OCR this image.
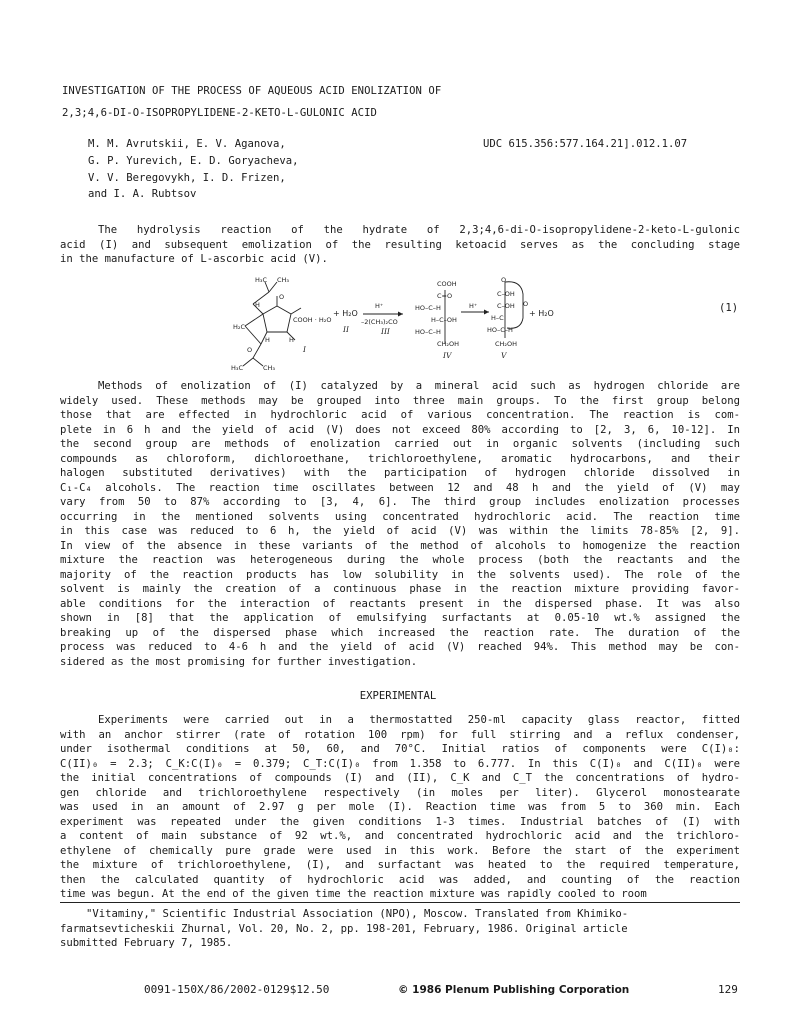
INVESTIGATION OF THE PROCESS OF AQUEOUS ACID ENOLIZATION OF
2,3;4,6-DI-O-ISOPROPYLIDENE-2-KETO-L-GULONIC ACID
M. M. Avrutskii, E. V. Aganova,
G. P. Yurevich, E. D. Goryacheva,
V. V. Beregovykh, I. D. Frizen,
and I. A. Rubtsov
UDC 615.356:577.164.21].012.1.07
The hydrolysis reaction of the hydrate of 2,3;4,6-di-O-isopropylidene-2-keto-L-gulonic
acid (I) and subsequent emolization of the resulting ketoacid serves as the concluding stage
in the manufacture of L-ascorbic acid (V).
H₃C CH₃
H
O
H₂C
COOH · H₂O
H	H
O
H₃C	CH₃
I
+ H₂O
II
H⁺
–2(CH₃)₂CO
III
COOH
C=O
HO–C–H
H–C–OH
HO–C–H
CH₂OH
IV
H⁺
O
C–OH
C–OH O
H–C
HO–C–H
CH₂OH
V
+ H₂O	(1)
Methods of enolization of (I) catalyzed by a mineral acid such as hydrogen chloride are
widely used. These methods may be grouped into three main groups. To the first group belong
those that are effected in hydrochloric acid of various concentration. The reaction is com-
plete in 6 h and the yield of acid (V) does not exceed 80% according to [2, 3, 6, 10-12]. In
the second group are methods of enolization carried out in organic solvents (including such
compounds as chloroform, dichloroethane, trichloroethylene, aromatic hydrocarbons, and their
halogen substituted derivatives) with the participation of hydrogen chloride dissolved in
C₁-C₄ alcohols. The reaction time oscillates between 12 and 48 h and the yield of (V) may
vary from 50 to 87% according to [3, 4, 6]. The third group includes enolization processes
occurring in the mentioned solvents using concentrated hydrochloric acid. The reaction time
in this case was reduced to 6 h, the yield of acid (V) was within the limits 78-85% [2, 9].
In view of the absence in these variants of the method of alcohols to homogenize the reaction
mixture the reaction was heterogeneous during the whole process (both the reactants and the
majority of the reaction products has low solubility in the solvents used). The role of the
solvent is mainly the creation of a continuous phase in the reaction mixture providing favor-
able conditions for the interaction of reactants present in the dispersed phase. It was also
shown in [8] that the application of emulsifying surfactants at 0.05-10 wt.% assigned the
breaking up of the dispersed phase which increased the reaction rate. The duration of the
process was reduced to 4-6 h and the yield of acid (V) reached 94%. This method may be con-
sidered as the most promising for further investigation.
EXPERIMENTAL
Experiments were carried out in a thermostatted 250-ml capacity glass reactor, fitted
with an anchor stirrer (rate of rotation 100 rpm) for full stirring and a reflux condenser,
under isothermal conditions at 50, 60, and 70°C. Initial ratios of components were C(I)₀:
C(II)₀ = 2.3; C_K:C(I)₀ = 0.379; C_T:C(I)₀ from 1.358 to 6.777. In this C(I)₀ and C(II)₀ were
the initial concentrations of compounds (I) and (II), C_K and C_T the concentrations of hydro-
gen chloride and trichloroethylene respectively (in moles per liter). Glycerol monostearate
was used in an amount of 2.97 g per mole (I). Reaction time was from 5 to 360 min. Each
experiment was repeated under the given conditions 1-3 times. Industrial batches of (I) with
a content of main substance of 92 wt.%, and concentrated hydrochloric acid and the trichloro-
ethylene of chemically pure grade were used in this work. Before the start of the experiment
the mixture of trichloroethylene, (I), and surfactant was heated to the required temperature,
then the calculated quantity of hydrochloric acid was added, and counting of the reaction
time was begun. At the end of the given time the reaction mixture was rapidly cooled to room
"Vitaminy," Scientific Industrial Association (NPO), Moscow. Translated from Khimiko-
farmatsevticheskii Zhurnal, Vol. 20, No. 2, pp. 198-201, February, 1986. Original article
submitted February 7, 1985.
0091-150X/86/2002-0129$12.50	© 1986 Plenum Publishing Corporation	129
